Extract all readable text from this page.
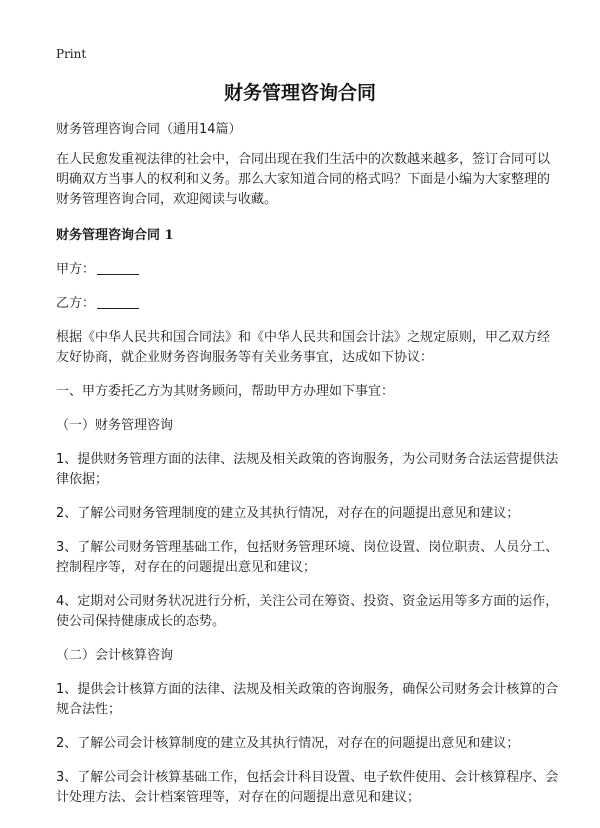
Print
财务管理咨询合同

财务管理咨询合同（通用14篇）

在人民愈发重视法律的社会中，合同出现在我们生活中的次数越来越多，签订合同可以明确双方当事人的权利和义务。那么大家知道合同的格式吗？下面是小编为大家整理的财务管理咨询合同，欢迎阅读与收藏。

财务管理咨询合同 1

甲方：

乙方：

根据《中华人民共和国合同法》和《中华人民共和国会计法》之规定原则，甲乙双方经友好协商，就企业财务咨询服务等有关业务事宜，达成如下协议：

一、甲方委托乙方为其财务顾问，帮助甲方办理如下事宜：

（一）财务管理咨询

1、提供财务管理方面的法律、法规及相关政策的咨询服务，为公司财务合法运营提供法律依据；

2、了解公司财务管理制度的建立及其执行情况，对存在的问题提出意见和建议；

3、了解公司财务管理基础工作，包括财务管理环境、岗位设置、岗位职责、人员分工、控制程序等，对存在的问题提出意见和建议；

4、定期对公司财务状况进行分析，关注公司在筹资、投资、资金运用等多方面的运作，使公司保持健康成长的态势。

（二）会计核算咨询

1、提供会计核算方面的法律、法规及相关政策的咨询服务，确保公司财务会计核算的合规合法性；

2、了解公司会计核算制度的建立及其执行情况，对存在的问题提出意见和建议；

3、了解公司会计核算基础工作，包括会计科目设置、电子软件使用、会计核算程序、会计处理方法、会计档案管理等，对存在的问题提出意见和建议；
